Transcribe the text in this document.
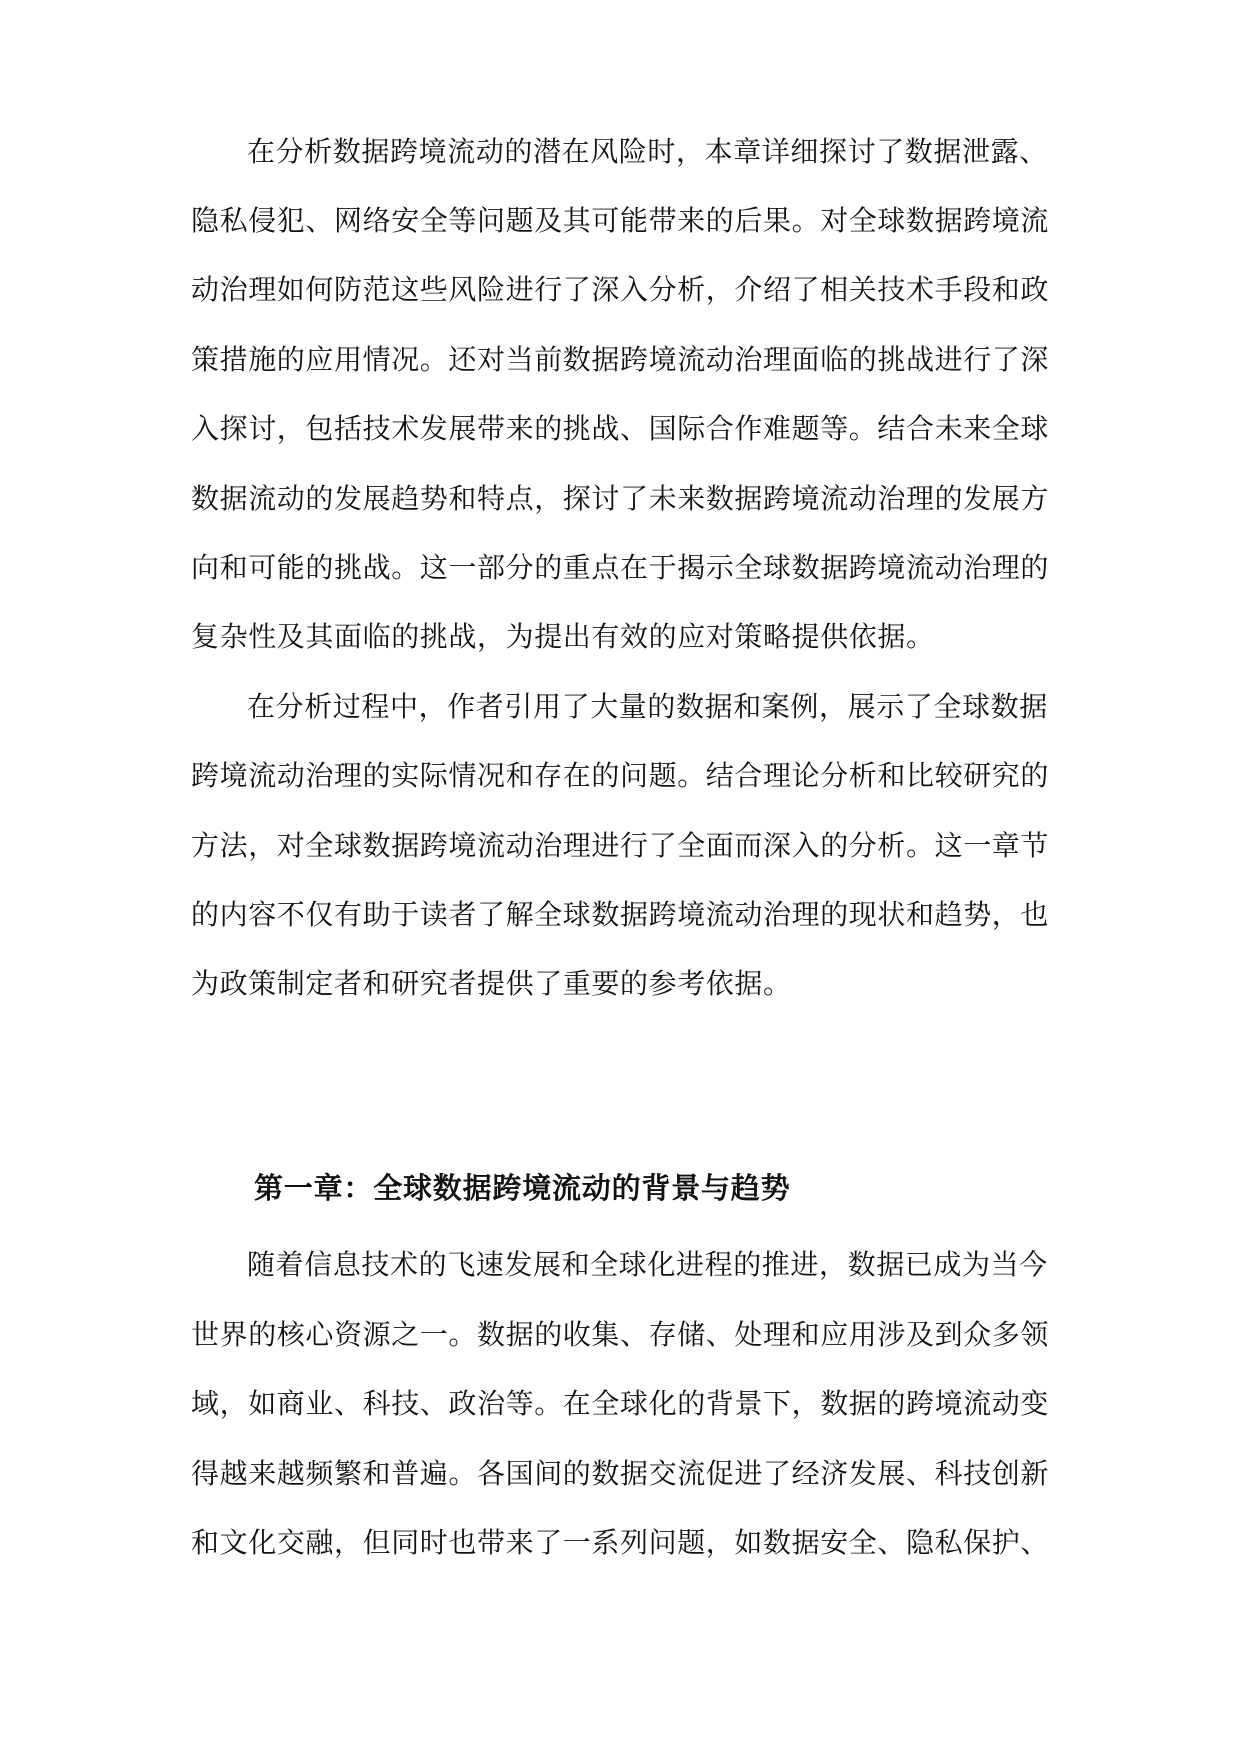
在分析数据跨境流动的潜在风险时，本章详细探讨了数据泄露、
隐私侵犯、网络安全等问题及其可能带来的后果。对全球数据跨境流
动治理如何防范这些风险进行了深入分析，介绍了相关技术手段和政
策措施的应用情况。还对当前数据跨境流动治理面临的挑战进行了深
入探讨，包括技术发展带来的挑战、国际合作难题等。结合未来全球
数据流动的发展趋势和特点，探讨了未来数据跨境流动治理的发展方
向和可能的挑战。这一部分的重点在于揭示全球数据跨境流动治理的
复杂性及其面临的挑战，为提出有效的应对策略提供依据。
在分析过程中，作者引用了大量的数据和案例，展示了全球数据
跨境流动治理的实际情况和存在的问题。结合理论分析和比较研究的
方法，对全球数据跨境流动治理进行了全面而深入的分析。这一章节
的内容不仅有助于读者了解全球数据跨境流动治理的现状和趋势，也
为政策制定者和研究者提供了重要的参考依据。
第一章：全球数据跨境流动的背景与趋势
随着信息技术的飞速发展和全球化进程的推进，数据已成为当今
世界的核心资源之一。数据的收集、存储、处理和应用涉及到众多领
域，如商业、科技、政治等。在全球化的背景下，数据的跨境流动变
得越来越频繁和普遍。各国间的数据交流促进了经济发展、科技创新
和文化交融，但同时也带来了一系列问题，如数据安全、隐私保护、
